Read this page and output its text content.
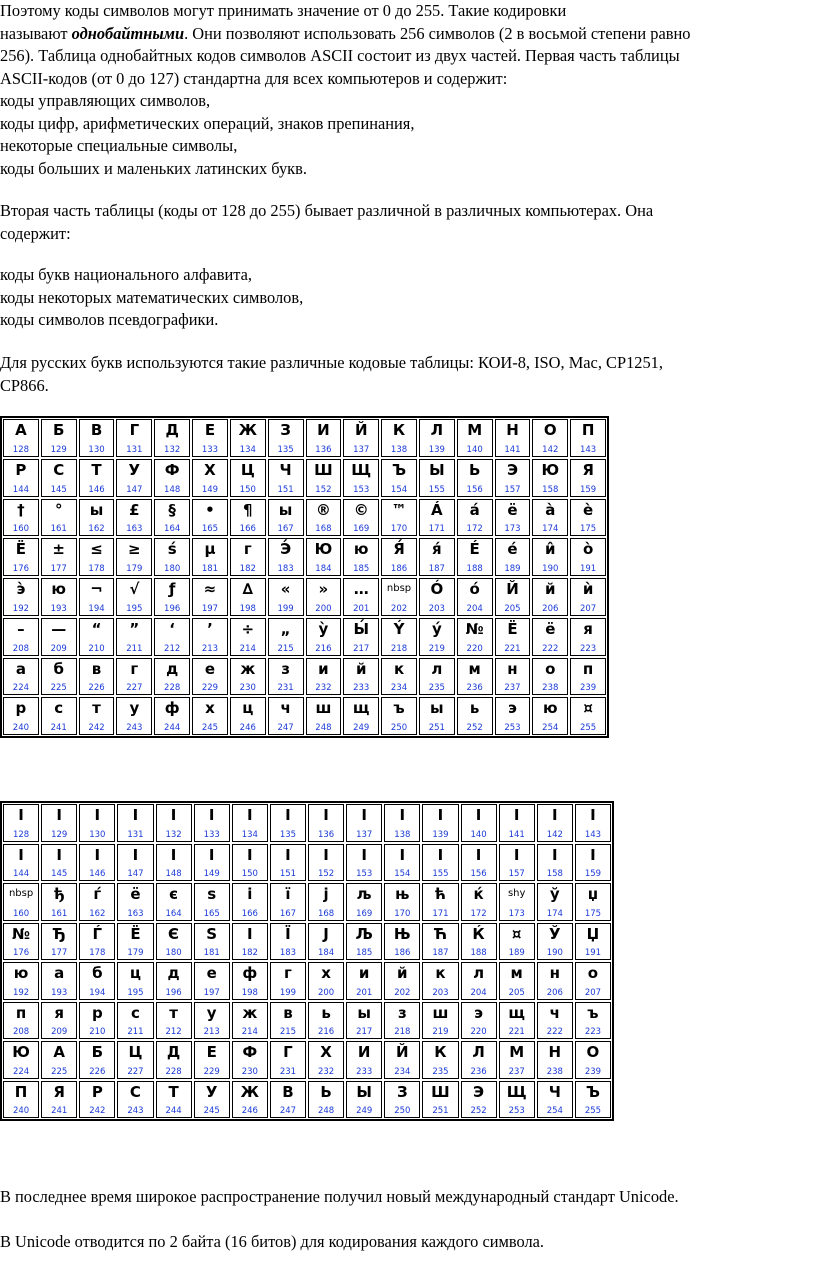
Поэтому коды символов могут принимать значение от 0 до 255. Такие кодировки
называют однобайтными. Они позволяют использовать 256 символов (2 в восьмой степени равно
256). Таблица однобайтных кодов символов ASCII состоит из двух частей. Первая часть таблицы
ASCII-кодов (от 0 до 127) стандартна для всех компьютеров и содержит:
коды управляющих символов,
коды цифр, арифметических операций, знаков препинания,
некоторые специальные символы,
коды больших и маленьких латинских букв.
Вторая часть таблицы (коды от 128 до 255) бывает различной в различных компьютерах. Она
содержит:
коды букв национального алфавита,
коды некоторых математических символов,
коды символов псевдографики.
Для русских букв используются такие различные кодовые таблицы: КОИ-8, ISO, Mac, CP1251,
CP866.
А
128
Б
129
В
130
Г
131
Д
132
Е
133
Ж
134
З
135
И
136
Й
137
К
138
Л
139
М
140
Н
141
О
142
П
143
Р
144
С
145
Т
146
У
147
Ф
148
Х
149
Ц
150
Ч
151
Ш
152
Щ
153
Ъ
154
Ы
155
Ь
156
Э
157
Ю
158
Я
159
†
160
°
161
ы
162
£
163
§
164
•
165
¶
166
ы
167
®
168
©
169
™
170
Á
171
á
172
ё
173
à
174
è
175
Ё
176
±
177
≤
178
≥
179
ś
180
µ
181
г
182
Э́
183
Ю
184
ю
185
Я́
186
я́
187
É
188
é
189
и̂
190
ò
191
э̀
192
ю
193
¬
194
√
195
ƒ
196
≈
197
∆
198
«
199
»
200
…
201
nbsp
202
Ó
203
ó
204
Й
205
й
206
ѝ
207
–
208
—
209
“
210
”
211
‘
212
’
213
÷
214
„
215
ỳ
216
Ы́
217
Ý
218
ý
219
№
220
Ё
221
ё
222
я
223
а
224
б
225
в
226
г
227
д
228
е
229
ж
230
з
231
и
232
й
233
к
234
л
235
м
236
н
237
о
238
п
239
р
240
с
241
т
242
у
243
ф
244
х
245
ц
246
ч
247
ш
248
щ
249
ъ
250
ы
251
ь
252
э
253
ю
254
¤
255
I
128
I
129
I
130
I
131
I
132
I
133
I
134
I
135
I
136
I
137
I
138
I
139
I
140
I
141
I
142
I
143
I
144
I
145
I
146
I
147
I
148
I
149
I
150
I
151
I
152
I
153
I
154
I
155
I
156
I
157
I
158
I
159
nbsp
160
ђ
161
ѓ
162
ё
163
є
164
s
165
і
166
ї
167
j
168
љ
169
њ
170
ћ
171
ќ
172
shy
173
ў
174
џ
175
№
176
Ђ
177
Ѓ
178
Ё
179
Є
180
S
181
I
182
Ї
183
J
184
Љ
185
Њ
186
Ћ
187
Ќ
188
¤
189
Ў
190
Џ
191
ю
192
а
193
б
194
ц
195
д
196
е
197
ф
198
г
199
х
200
и
201
й
202
к
203
л
204
м
205
н
206
о
207
п
208
я
209
р
210
с
211
т
212
у
213
ж
214
в
215
ь
216
ы
217
з
218
ш
219
э
220
щ
221
ч
222
ъ
223
Ю
224
А
225
Б
226
Ц
227
Д
228
Е
229
Ф
230
Г
231
Х
232
И
233
Й
234
К
235
Л
236
М
237
Н
238
О
239
П
240
Я
241
Р
242
С
243
Т
244
У
245
Ж
246
В
247
Ь
248
Ы
249
З
250
Ш
251
Э
252
Щ
253
Ч
254
Ъ
255
В последнее время широкое распространение получил новый международный стандарт Unicode.
В Unicode отводится по 2 байта (16 битов) для кодирования каждого символа.
